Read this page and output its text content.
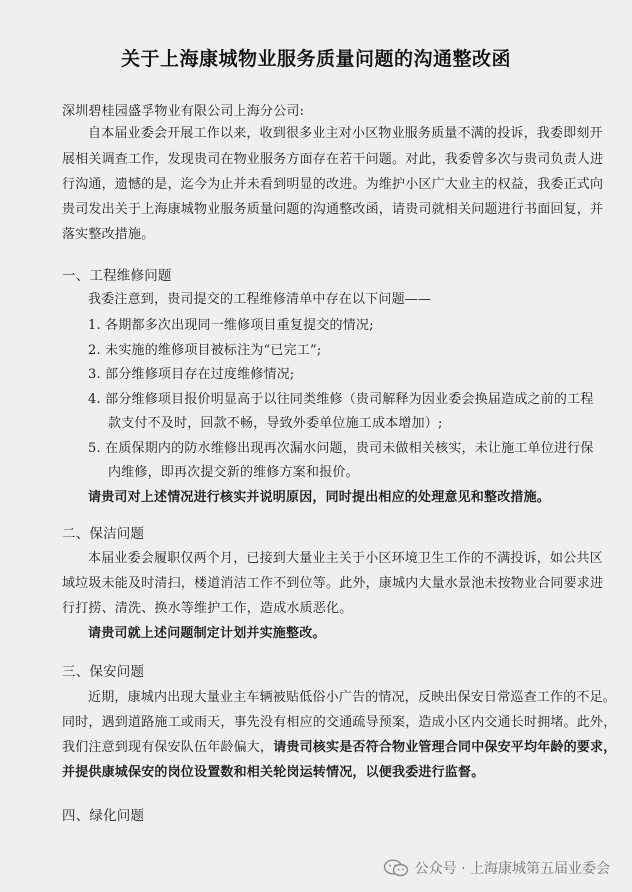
关于上海康城物业服务质量问题的沟通整改函
深圳碧桂园盛孚物业有限公司上海分公司:
自本届业委会开展工作以来，收到很多业主对小区物业服务质量不满的投诉，我委即刻开
展相关调查工作，发现贵司在物业服务方面存在若干问题。对此，我委曾多次与贵司负责人进
行沟通，遗憾的是，迄今为止并未看到明显的改进。为维护小区广大业主的权益，我委正式向
贵司发出关于上海康城物业服务质量问题的沟通整改函，请贵司就相关问题进行书面回复，并
落实整改措施。
一、工程维修问题
我委注意到，贵司提交的工程维修清单中存在以下问题——
1. 各期都多次出现同一维修项目重复提交的情况;
2. 未实施的维修项目被标注为“已完工”;
3. 部分维修项目存在过度维修情况;
4. 部分维修项目报价明显高于以往同类维修（贵司解释为因业委会换届造成之前的工程
款支付不及时，回款不畅，导致外委单位施工成本增加）;
5. 在质保期内的防水维修出现再次漏水问题，贵司未做相关核实，未让施工单位进行保
内维修，即再次提交新的维修方案和报价。
请贵司对上述情况进行核实并说明原因，同时提出相应的处理意见和整改措施。
二、保洁问题
本届业委会履职仅两个月，已接到大量业主关于小区环境卫生工作的不满投诉，如公共区
域垃圾未能及时清扫，楼道消洁工作不到位等。此外，康城内大量水景池未按物业合同要求进
行打捞、清洗、换水等维护工作，造成水质恶化。
请贵司就上述问题制定计划并实施整改。
三、保安问题
近期，康城内出现大量业主车辆被贴低俗小广告的情况，反映出保安日常巡查工作的不足。
同时，遇到道路施工或雨天，事先没有相应的交通疏导预案，造成小区内交通长时拥堵。此外，
我们注意到现有保安队伍年龄偏大，请贵司核实是否符合物业管理合同中保安平均年龄的要求，
并提供康城保安的岗位设置数和相关轮岗运转情况，以便我委进行监督。
四、绿化问题
公众号 · 上海康城第五届业委会
